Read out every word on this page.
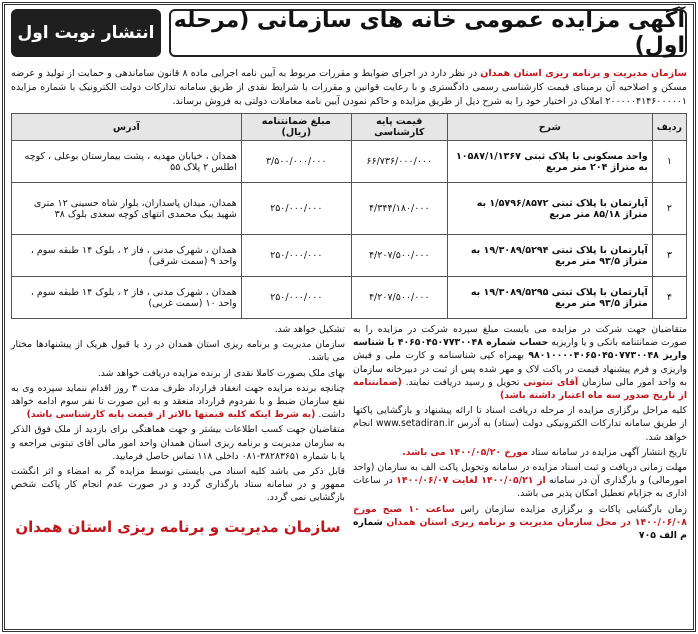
آگهی مزایده عمومی خانه های سازمانی (مرحله اول)
انتشار نوبت اول
سازمان مدیریت و برنامه ریزی استان همدان در نظر دارد در اجرای ضوابط و مقررات مربوط به آیین نامه اجرایی ماده ۸ قانون ساماندهی و حمایت از تولید و عرضه مسکن و اصلاحیه آن برمبنای قیمت کارشناسی رسمی دادگستری و با رعایت قوانین و مقررات با شرایط نقدی از طریق سامانه تدارکات دولت الکترونیک با شماره مزایده ۲۰۰۰۰۰۴۱۴۶۰۰۰۰۰۱ املاک در اختیار خود را به شرح ذیل از طریق مزایده و حاکم نمودن آیین نامه معاملات دولتی به فروش برساند.
ردیف	شرح	قیمت پایه کارشناسی	مبلغ ضمانتنامه (ریال)	آدرس
۱	واحد مسکونی با پلاک ثبتی ۱۰۵۸۷/۱/۱۳۶۷ به متراژ ۲۰۴ متر مربع	۶۶/۷۳۶/۰۰۰/۰۰۰	۳/۵۰۰/۰۰۰/۰۰۰	همدان ، خیابان مهدیه ، پشت بیمارستان بوعلی ، کوچه اطلس ۲ پلاک ۵۵
۲	آپارتمان با پلاک ثبتی ۱/۵۷۹۶/۸۵۷۲ به متراژ ۸۵/۱۸ متر مربع	۴/۳۴۴/۱۸۰/۰۰۰	۲۵۰/۰۰۰/۰۰۰	همدان، میدان پاسداران، بلوار شاه حسینی ۱۲ متری شهید بیک محمدی انتهای کوچه سعدی بلوک ۳۸
۳	آپارتمان با پلاک ثبتی ۱۹/۳۰۸۹/۵۲۹۴ به متراژ ۹۳/۵ متر مربع	۴/۲۰۷/۵۰۰/۰۰۰	۲۵۰/۰۰۰/۰۰۰	همدان ، شهرک مدنی ، فاز ۲ ، بلوک ۱۴ طبقه سوم ، واحد ۹ (سمت شرقی)
۴	آپارتمان با پلاک ثبتی ۱۹/۳۰۸۹/۵۲۹۵ به متراژ ۹۳/۵ متر مربع	۴/۲۰۷/۵۰۰/۰۰۰	۲۵۰/۰۰۰/۰۰۰	همدان ، شهرک مدنی ، فاز ۲ ، بلوک ۱۴ طبقه سوم ، واحد ۱۰ (سمت غربی)

متقاضیان جهت شرکت در مزایده می بایست مبلغ سپرده شرکت در مزایده را به صورت ضمانتنامه بانکی و یا واریزبه حساب شماره ۴۰۶۵۰۴۵۰۷۷۳۰۰۴۸ با شناسه واریز ۹۸۰۱۰۰۰۰۴۰۶۵۰۴۵۰۷۷۳۰۰۴۸ بهمراه کپی شناسنامه و کارت ملی و فیش واریزی و فرم پیشنهاد قیمت در پاکت لاک و مهر شده پس از ثبت در دبیرخانه سازمان به واحد امور مالی سازمان آقای تبتونی تحویل و رسید دریافت نمایند. (ضمانتنامه از تاریخ صدور سه ماه اعتبار داشته باشد)

کلیه مراحل برگزاری مزایده از مرحله دریافت اسناد تا ارائه پیشنهاد و بازگشایی پاکتها از طریق سامانه تدارکات الکترونیکی دولت (ستاد) به آدرس www.setadiran.ir انجام خواهد شد.

تاریخ انتشار آگهی مزایده در سامانه ستاد مورخ ۱۴۰۰/۰۵/۲۰ می باشد.

مهلت زمانی دریافت و ثبت اسناد مزایده در سامانه وتحویل پاکت الف به سازمان (واحد امورمالی) و بارگذاری آن در سامانه از ۱۴۰۰/۰۵/۲۱ لغایت ۱۴۰۰/۰۶/۰۷ در ساعات اداری به جزایام تعطیل امکان پذیر می باشد.

زمان بازگشایی پاکات و برگزاری مزایده سازمان راس ساعت ۱۰ صبح مورخ ۱۴۰۰/۰۶/۰۸ در محل سازمان مدیریت و برنامه ریزی استان همدان شماره م الف ۷۰۵

تشکیل خواهد شد.

سازمان مدیریت و برنامه ریزی استان همدان در رد یا قبول هریک از پیشنهادها مختار می باشد.

بهای ملک بصورت کاملا نقدی از برنده مزایده دریافت خواهد شد.

چنانچه برنده مزایده جهت انعقاد قرارداد ظرف مدت ۳ روز اقدام ننماید سپرده وی به نفع سازمان ضبط و با نفردوم قرارداد منعقد و به این صورت تا نفر سوم ادامه خواهد داشت. (به شرط اینکه کلیه قیمتها بالاتر از قیمت پایه کارشناسی باشد)

متقاضیان جهت کسب اطلاعات بیشتر و جهت هماهنگی برای بازدید از ملک فوق الذکر به سازمان مدیریت و برنامه ریزی استان همدان واحد امور مالی آقای تبتونی مراجعه و یا با شماره ۳۸۲۸۳۶۵۱-۰۸۱ داخلی ۱۱۸ تماس حاصل فرمایید.

قابل ذکر می باشد کلیه اسناد می بایستی توسط مزایده گر به امضاء و اثر انگشت ممهور و در سامانه ستاد بارگذاری گردد و در صورت عدم انجام کار پاکت شخص بازگشایی نمی گردد.

سازمان مدیریت و برنامه ریزی استان همدان
